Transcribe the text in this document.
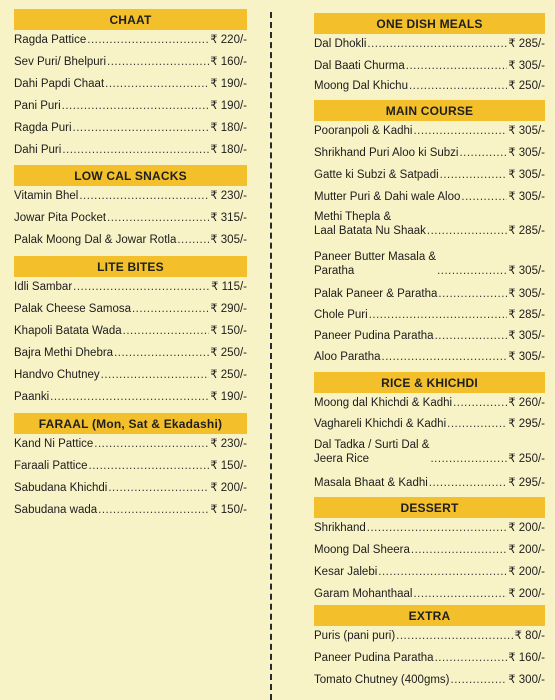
CHAAT
Ragda Pattice .....	₹ 220/-
Sev Puri/ Bhelpuri .....	₹ 160/-
Dahi Papdi Chaat .....	₹ 190/-
Pani Puri .....	₹ 190/-
Ragda Puri .....	₹ 180/-
Dahi Puri .....	₹ 180/-
LOW CAL SNACKS
Vitamin Bhel .....	₹ 230/-
Jowar Pita Pocket .....	₹ 315/-
Palak Moong Dal & Jowar Rotla .....	₹ 305/-
LITE BITES
Idli Sambar .....	₹ 115/-
Palak Cheese Samosa .....	₹ 290/-
Khapoli Batata Wada .....	₹ 150/-
Bajra Methi Dhebra .....	₹ 250/-
Handvo Chutney .....	₹ 250/-
Paanki .....	₹ 190/-
FARAAL (Mon, Sat & Ekadashi)
Kand Ni Pattice .....	₹ 230/-
Faraali Pattice .....	₹ 150/-
Sabudana Khichdi .....	₹ 200/-
Sabudana wada .....	₹ 150/-
ONE DISH MEALS
Dal Dhokli .....	₹ 285/-
Dal Baati Churma .....	₹ 305/-
Moong Dal Khichu .....	₹ 250/-
MAIN COURSE
Pooranpoli & Kadhi .....	₹ 305/-
Shrikhand Puri Aloo ki Subzi .....	₹ 305/-
Gatte ki Subzi & Satpadi .....	₹ 305/-
Mutter Puri & Dahi wale Aloo .....	₹ 305/-
Methi Thepla &
Laal Batata Nu Shaak .....	₹ 285/-
Paneer Butter Masala &
Paratha .....	₹ 305/-
Palak Paneer & Paratha .....	₹ 305/-
Chole Puri .....	₹ 285/-
Paneer Pudina Paratha .....	₹ 305/-
Aloo Paratha .....	₹ 305/-
RICE & KHICHDI
Moong dal Khichdi & Kadhi .....	₹ 260/-
Vaghareli Khichdi & Kadhi .....	₹ 295/-
Dal Tadka / Surti Dal &
Jeera Rice .....	₹ 250/-
Masala Bhaat & Kadhi .....	₹ 295/-
DESSERT
Shrikhand .....	₹ 200/-
Moong Dal Sheera .....	₹ 200/-
Kesar Jalebi .....	₹ 200/-
Garam Mohanthaal .....	₹ 200/-
EXTRA
Puris (pani puri) .....	₹ 80/-
Paneer Pudina Paratha .....	₹ 160/-
Tomato Chutney (400gms) .....	₹ 300/-
